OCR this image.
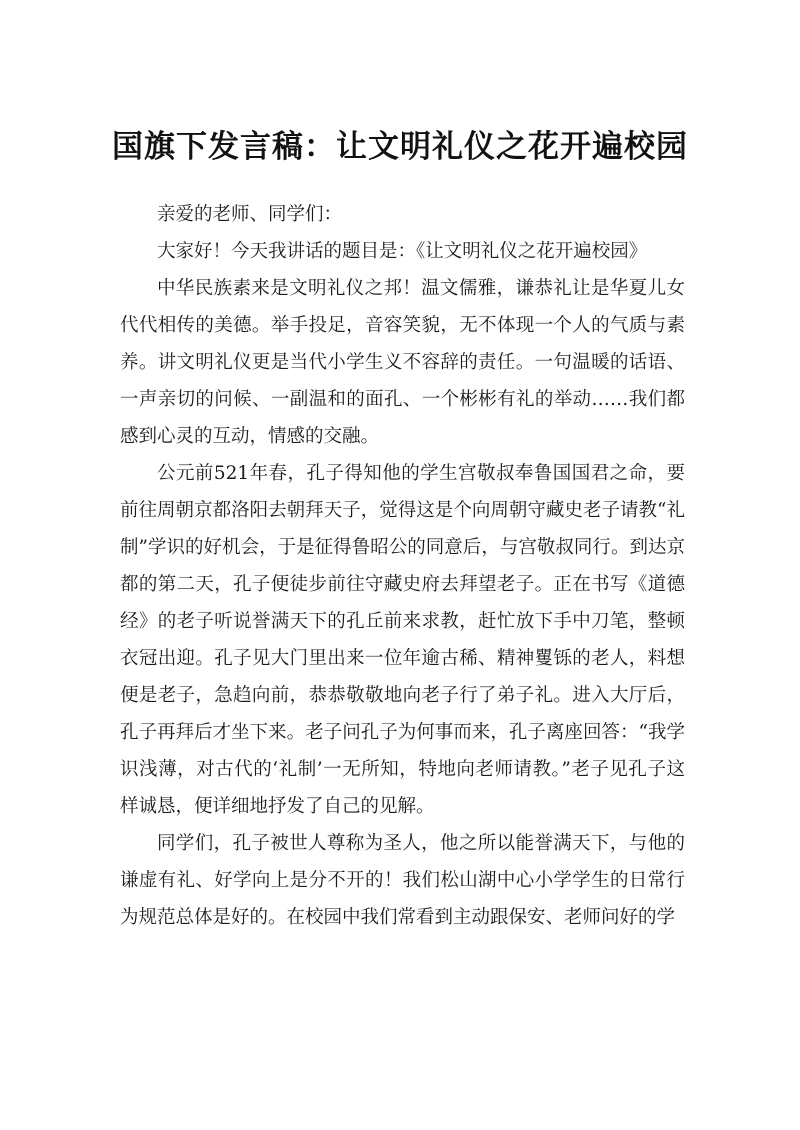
国旗下发言稿：让文明礼仪之花开遍校园

亲爱的老师、同学们：

大家好！今天我讲话的题目是：《让文明礼仪之花开遍校园》

中华民族素来是文明礼仪之邦！温文儒雅，谦恭礼让是华夏儿女代代相传的美德。举手投足，音容笑貌，无不体现一个人的气质与素养。讲文明礼仪更是当代小学生义不容辞的责任。一句温暖的话语、一声亲切的问候、一副温和的面孔、一个彬彬有礼的举动……我们都感到心灵的互动，情感的交融。

公元前521年春，孔子得知他的学生宫敬叔奉鲁国国君之命，要前往周朝京都洛阳去朝拜天子，觉得这是个向周朝守藏史老子请教“礼制”学识的好机会，于是征得鲁昭公的同意后，与宫敬叔同行。到达京都的第二天，孔子便徒步前往守藏史府去拜望老子。正在书写《道德经》的老子听说誉满天下的孔丘前来求教，赶忙放下手中刀笔，整顿衣冠出迎。孔子见大门里出来一位年逾古稀、精神矍铄的老人，料想便是老子，急趋向前，恭恭敬敬地向老子行了弟子礼。进入大厅后，孔子再拜后才坐下来。老子问孔子为何事而来，孔子离座回答：“我学识浅薄，对古代的‘礼制’一无所知，特地向老师请教。”老子见孔子这样诚恳，便详细地抒发了自己的见解。

同学们，孔子被世人尊称为圣人，他之所以能誉满天下，与他的谦虚有礼、好学向上是分不开的！我们松山湖中心小学学生的日常行为规范总体是好的。在校园中我们常看到主动跟保安、老师问好的学
